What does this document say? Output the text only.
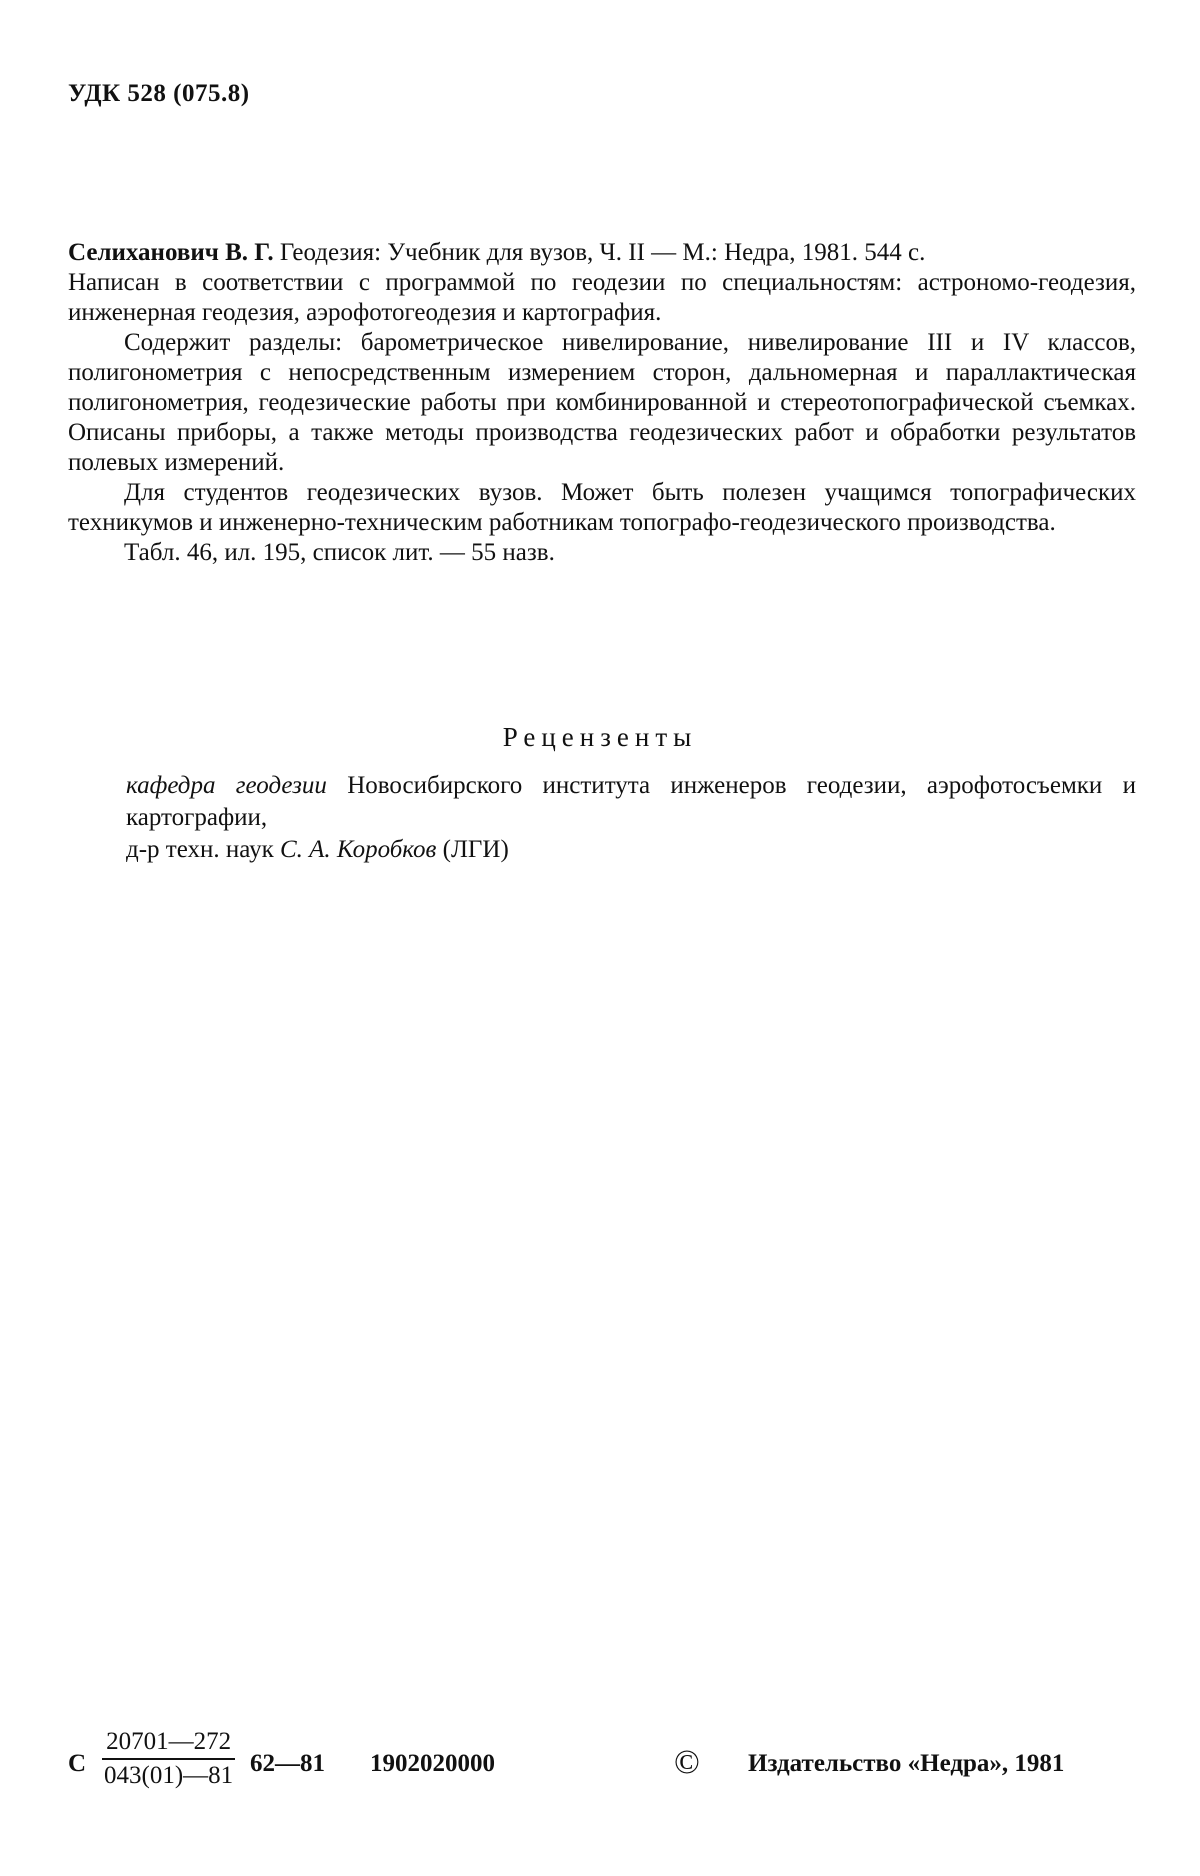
УДК 528 (075.8)

Селиханович В. Г. Геодезия: Учебник для вузов, Ч. II — М.: Недра, 1981. 544 с.

Написан в соответствии с программой по геодезии по специальностям: астрономо-геодезия, инженерная геодезия, аэрофотогеодезия и картография.

Содержит разделы: барометрическое нивелирование, нивелирование III и IV классов, полигонометрия с непосредственным измерением сторон, дальномерная и параллактическая полигонометрия, геодезические работы при комбинированной и стереотопографической съемках. Описаны приборы, а также методы производства геодезических работ и обработки результатов полевых измерений.

Для студентов геодезических вузов. Может быть полезен учащимся топографических техникумов и инженерно-техническим работникам топографо-геодезического производства.

Табл. 46, ил. 195, список лит. — 55 назв.

Рецензенты

кафедра геодезии Новосибирского института инженеров геодезии, аэрофотосъемки и картографии,

д-р техн. наук С. А. Коробков (ЛГИ)

С $\frac{20701—272}{043(01)—81}$ 62—81 1902020000	© Издательство «Недра», 1981
